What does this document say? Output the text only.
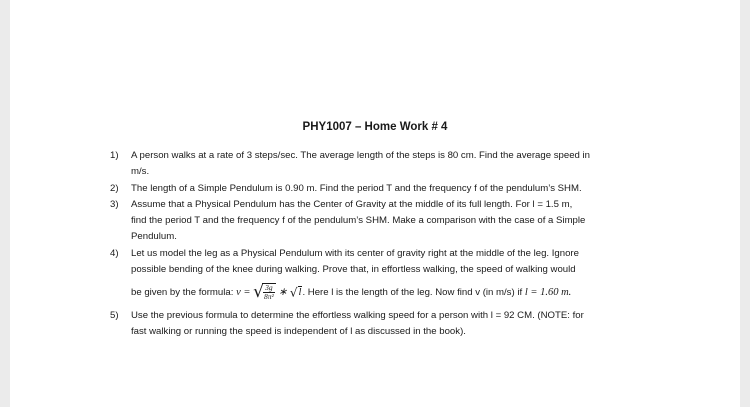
PHY1007 – Home Work # 4
1) A person walks at a rate of 3 steps/sec. The average length of the steps is 80 cm. Find the average speed in
m/s.
2) The length of a Simple Pendulum is 0.90 m. Find the period T and the frequency f of the pendulum’s SHM.
3) Assume that a Physical Pendulum has the Center of Gravity at the middle of its full length. For l = 1.5 m,
find the period T and the frequency f of the pendulum’s SHM. Make a comparison with the case of a Simple
Pendulum.
4) Let us model the leg as a Physical Pendulum with its center of gravity right at the middle of the leg. Ignore
possible bending of the knee during walking. Prove that, in effortless walking, the speed of walking would
be given by the formula: v = √
$\frac{3g}{\text{8π²}}$ ∗ √l. Here l is the length of the leg. Now find v (in m/s) if l = 1.60 m.
5) Use the previous formula to determine the effortless walking speed for a person with l = 92 CM. (NOTE: for
fast walking or running the speed is independent of l as discussed in the book).
